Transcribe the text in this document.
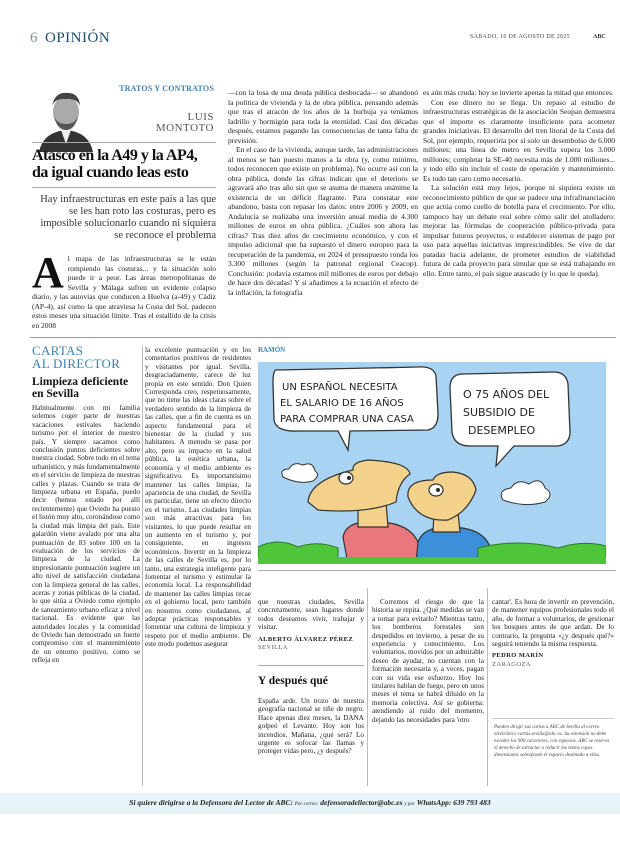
6 OPINIÓN	SÁBADO, 16 DE AGOSTO DE 2025	ABC
TRATOS Y CONTRATOS
LUIS
MONTOTO
Atasco en la A49 y la AP4, da igual cuando leas esto
Hay infraestructuras en este país a las que se les han roto las costuras, pero es imposible solucionarlo cuando ni siquiera se reconoce el problema
A l mapa de las infraestructuras se le están rompiendo las costuras... y la situación solo puede ir a peor. Las áreas metropolitanas de Sevilla y Málaga sufren un evidente colapso diario, y las autovías que conducen a Huelva (a-49) y Cádiz (AP-4), así como la que atraviesa la Costa del Sol, padecen estos meses una situación límite. Tras el estallido de la crisis en 2008

—con la losa de una deuda pública desbocada— se abandonó la política de vivienda y la de obra pública, pensando además que tras el atracón de los años de la burbuja ya teníamos ladrillo y hormigón para toda la eternidad. Casi dos décadas después, estamos pagando las consecuencias de tanta falta de previsión.

En el caso de la vivienda, aunque tarde, las administraciones al menos se han puesto manos a la obra (y, como mínimo, todos reconocen que existe un problema). No ocurre así con la obra pública, donde las cifras indican que el deterioro se agravará año tras año sin que se asuma de manera unánime la existencia de un déficit flagrante. Para constatar este abandono, basta con repasar los datos: entre 2006 y 2009, en Andalucía se realizaba una inversión anual media de 4.300 millones de euros en obra pública. ¿Cuáles son ahora las cifras? Tras diez años de crecimiento económico, y con el impulso adicional que ha supuesto el dinero europeo para la recuperación de la pandemia, en 2024 el presupuesto ronda los 3.300 millones (según la patronal regional Ceacop). Conclusión: ¡todavía estamos mil millones de euros por debajo de hace dos décadas! Y si añadimos a la ecuación el efecto de la inflación, la fotografía

es aún más cruda: hoy se invierte apenas la mitad que entonces.

Con ese dinero no se llega. Un repaso al estudio de infraestructuras estratégicas de la asociación Seopan demuestra que el importe es claramente insuficiente para acometer grandes iniciativas. El desarrollo del tren litoral de la Costa del Sol, por ejemplo, requeriría por sí solo un desembolso de 6.000 millones; una línea de metro en Sevilla supera los 3.000 millones; completar la SE-40 necesita más de 1.000 millones... y todo ello sin incluir el coste de operación y mantenimiento. Es todo tan caro como necesario.

La solución está muy lejos, porque ni siquiera existe un reconocimiento público de que se padece una infrafinanciación que actúa como cuello de botella para el crecimiento. Por ello, tampoco hay un debate real sobre cómo salir del atolladero: mejorar las fórmulas de cooperación público-privada para impulsar futuros proyectos, o establecer sistemas de pago por uso para aquellas iniciativas imprescindibles. Se vive de dar patadas hacia adelante, de prometer estudios de viabilidad futura de cada proyecto para simular que se está trabajando en ello. Entre tanto, el país sigue atascado (y lo que le queda).

CARTAS
AL DIRECTOR
Limpieza deficiente en Sevilla

Habitualmente con mi familia solemos coger parte de nuestras vacaciones estivales haciendo turismo por el interior de nuestro país. Y siempre sacamos como conclusión puntos deficientes sobre nuestra ciudad. Sobre todo en el tema urbanístico, y más fundamentalmente en el servicio de limpieza de nuestras calles y plazas. Cuando se trata de limpieza urbana en España, puedo decir (hemos estado por allí recientemente) que Oviedo ha puesto el listón muy alto, coronándose como la ciudad más limpia del país. Este galardón viene avalado por una alta puntuación de 83 sobre 100 en la evaluación de los servicios de limpieza de la ciudad. La impresionante puntuación sugiere un alto nivel de satisfacción ciudadana con la limpieza general de las calles, aceras y zonas públicas de la ciudad, lo que sitúa a Oviedo como ejemplo de saneamiento urbano eficaz a nivel nacional. Es evidente que las autoridades locales y la comunidad de Oviedo han demostrado un fuerte compromiso con el mantenimiento de un entorno positivo, como se refleja en

la excelente puntuación y en los comentarios positivos de residentes y visitantes por igual. Sevilla, desgraciadamente, carece de luz propia en este sentido. Don Quien Corresponda creo, respetuosamente, que no tiene las ideas claras sobre el verdadero sentido de la limpieza de las calles, que a fin de cuenta es un aspecto fundamental para el bienestar de la ciudad y sus habitantes. A menudo se pasa por alto, pero su impacto en la salud pública, la estética urbana, la economía y el medio ambiente es significativo. Es importantísimo mantener las calles limpias, la apariencia de una ciudad, de Sevilla en particular, tiene un efecto directo en el turismo. Las ciudades limpias son más atractivas para los visitantes, lo que puede resultar en un aumento en el turismo y, por consiguiente, en ingresos económicos. Invertir en la limpieza de las calles de Sevilla es, por lo tanto, una estrategia inteligente para fomentar el turismo y estimular la economía local. La responsabilidad de mantener las calles limpias recae en el gobierno local, pero también en nosotros como ciudadanos, al adoptar prácticas responsables y fomentar una cultura de limpieza y respeto por el medio ambiente. De este modo podemos asegurar

RAMÓN
UN ESPAÑOL NECESITA
EL SALARIO DE 16 AÑOS
PARA COMPRAR UNA CASA
O 75 AÑOS DEL
SUBSIDIO DE
DESEMPLEO

que nuestras ciudades, Sevilla concretamente, sean lugares donde todos deseamos vivir, trabajar y visitar.

ALBERTO ÁLVAREZ PÉREZ
SEVILLA
Y después qué

España arde. Un trozo de nuestra geografía nacional se tiñe de negro. Hace apenas diez meses, la DANA golpeó el Levante. Hoy son los incendios. Mañana, ¿qué será? Lo urgente es sofocar las llamas y proteger vidas pero, ¿y después?

Corremos el riesgo de que la historia se repita. ¿Qué medidas se van a tomar para evitarlo? Mientras tanto, los bomberos forestales son despedidos en invierno, a pesar de su experiencia y conocimiento. Los voluntarios, movidos por un admirable deseo de ayudar, no cuentan con la formación necesaria y, a veces, pagan con su vida ese esfuerzo. Hoy los titulares hablan de fuego, pero en unos meses el tema se habrá diluido en la memoria colectiva. Así se gobierna: atendiendo al ruido del momento, dejando las necesidades para 'otro

cantar'. Es hora de invertir en prevención, de mantener equipos profesionales todo el año, de formar a voluntarios, de gestionar los bosques antes de que ardan. De lo contrario, la pregunta «¿y después qué?» seguirá teniendo la misma respuesta.

PEDRO MARÍN
ZARAGOZA
Pueden dirigir sus cartas a ABC de Sevilla al correo electrónico cartas.sevilla@abc.es. Su extensión no debe exceder los 900 caracteres, con espacios. ABC se reserva el derecho de extractar o reducir los textos cuyas dimensiones sobrepasen el espacio destinado a ellos.
Si quiere dirigirse a la Defensora del Lector de ABC: Por correo: defensoradellector@abc.es y por WhatsApp: 639 793 483
